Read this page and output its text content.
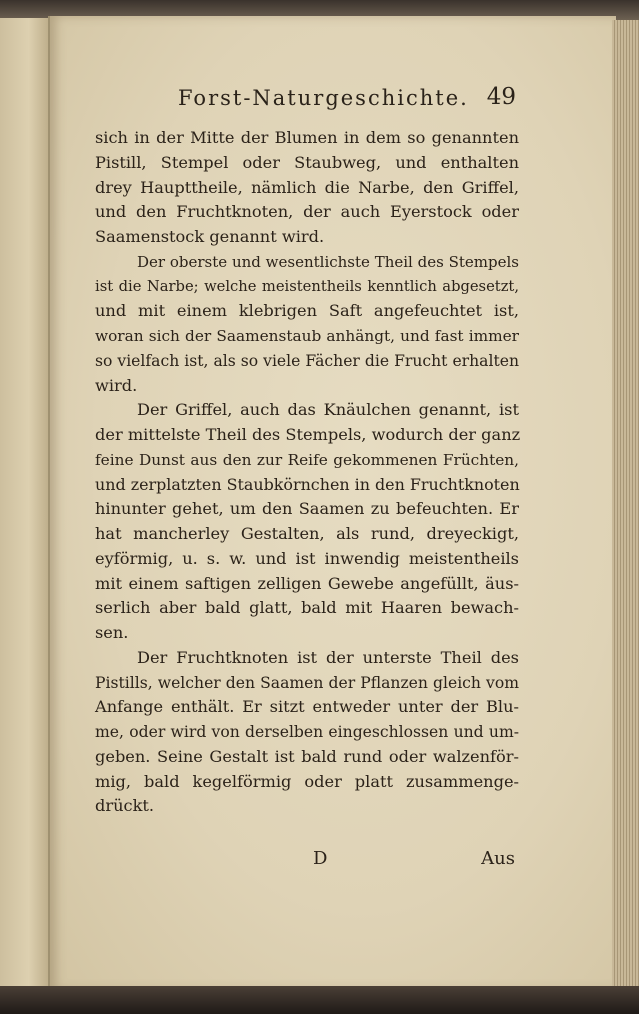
Forst-Naturgeschichte. 49
sich in der Mitte der Blumen in dem so genannten
Pistill, Stempel oder Staubweg, und enthalten
drey Haupttheile, nämlich die Narbe, den Griffel,
und den Fruchtknoten, der auch Eyerstock oder
Saamenstock genannt wird.
Der oberste und wesentlichste Theil des Stempels
ist die Narbe; welche meistentheils kenntlich abgesetzt,
und mit einem klebrigen Saft angefeuchtet ist,
woran sich der Saamenstaub anhängt, und fast immer
so vielfach ist, als so viele Fächer die Frucht erhalten
wird.
Der Griffel, auch das Knäulchen genannt, ist
der mittelste Theil des Stempels, wodurch der ganz
feine Dunst aus den zur Reife gekommenen Früchten,
und zerplatzten Staubkörnchen in den Fruchtknoten
hinunter gehet, um den Saamen zu befeuchten. Er
hat mancherley Gestalten, als rund, dreyeckigt,
eyförmig, u. s. w. und ist inwendig meistentheils
mit einem saftigen zelligen Gewebe angefüllt, äus-
serlich aber bald glatt, bald mit Haaren bewach-
sen.
Der Fruchtknoten ist der unterste Theil des
Pistills, welcher den Saamen der Pflanzen gleich vom
Anfange enthält. Er sitzt entweder unter der Blu-
me, oder wird von derselben eingeschlossen und um-
geben. Seine Gestalt ist bald rund oder walzenför-
mig, bald kegelförmig oder platt zusammenge-
drückt.
D	Aus
